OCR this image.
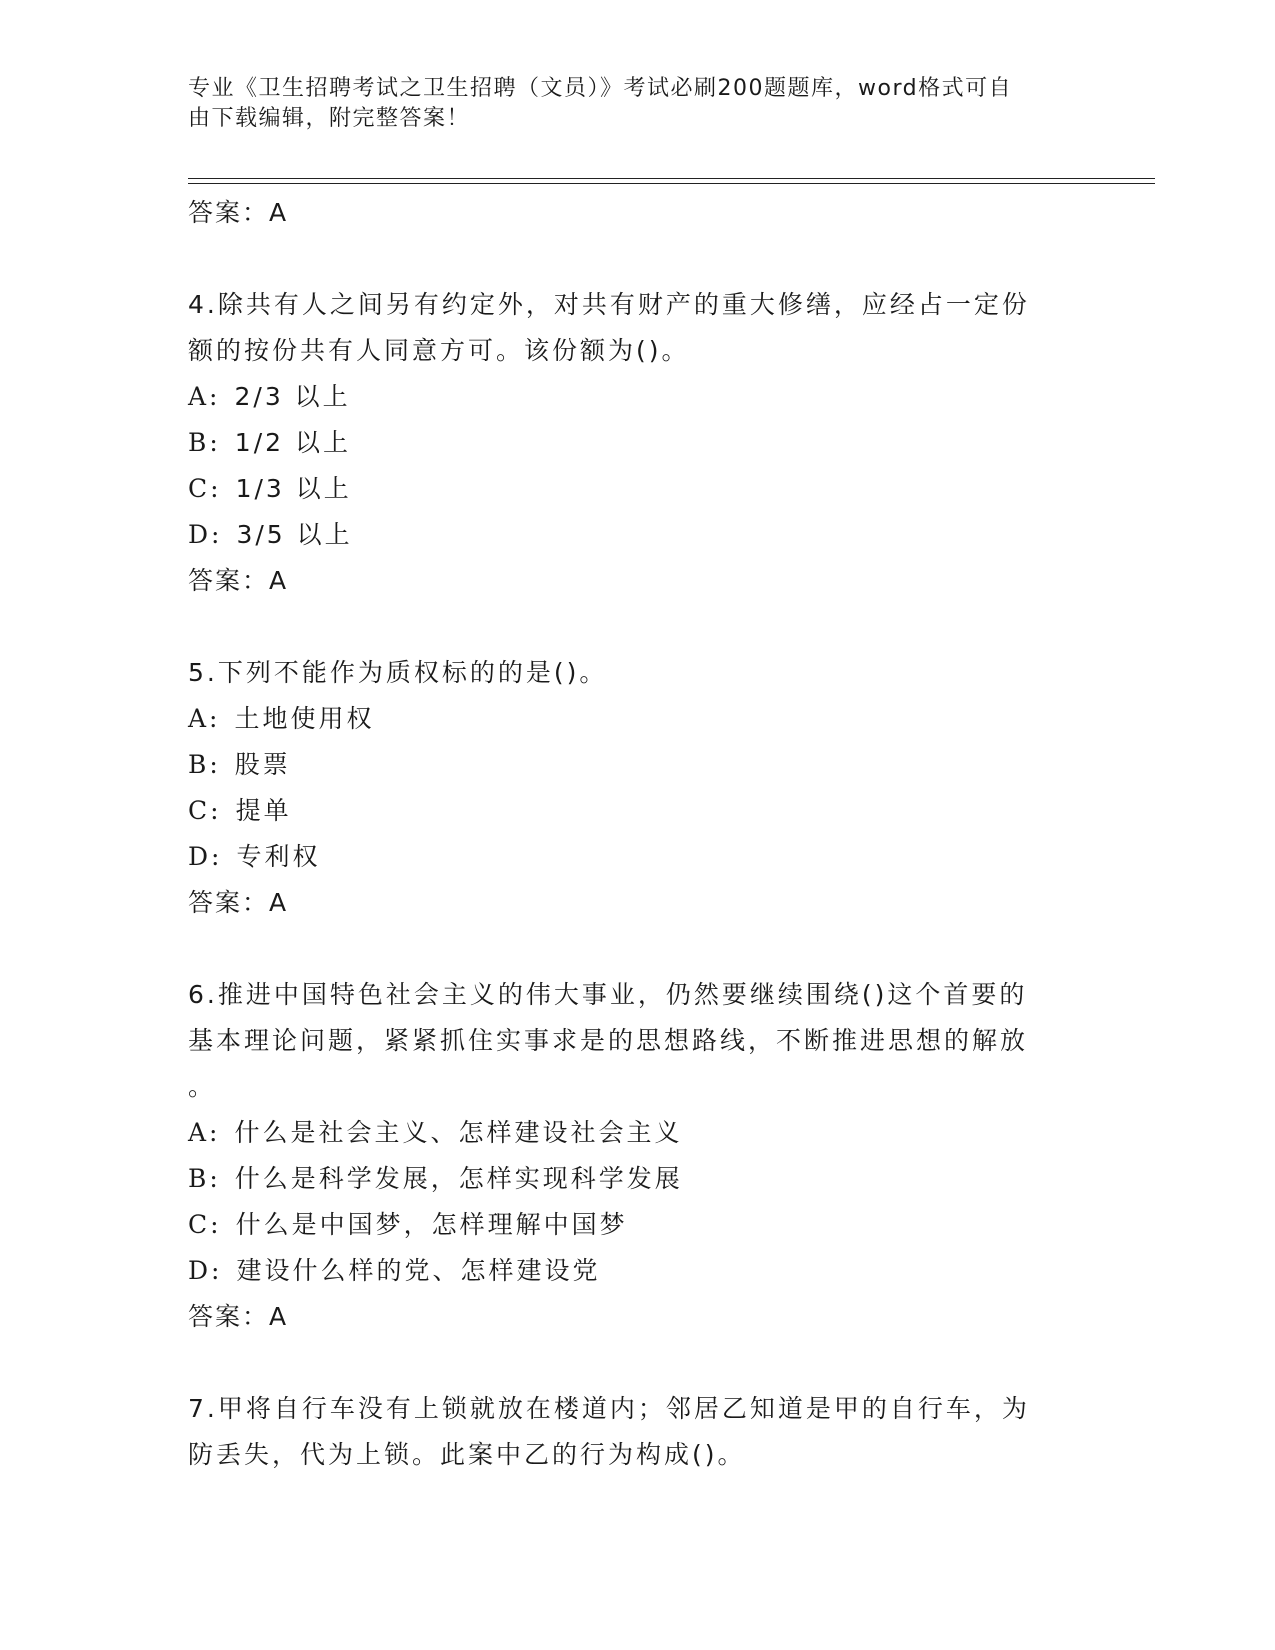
专业《卫生招聘考试之卫生招聘（文员）》考试必刷200题题库，word格式可自
由下载编辑，附完整答案！
答案：A
4.除共有人之间另有约定外，对共有财产的重大修缮，应经占一定份
额的按份共有人同意方可。该份额为()。
A: 2/3 以上
B: 1/2 以上
C: 1/3 以上
D: 3/5 以上
答案：A
5.下列不能作为质权标的的是()。
A: 土地使用权
B: 股票
C: 提单
D: 专利权
答案：A
6.推进中国特色社会主义的伟大事业，仍然要继续围绕()这个首要的
基本理论问题，紧紧抓住实事求是的思想路线，不断推进思想的解放
。
A: 什么是社会主义、怎样建设社会主义
B: 什么是科学发展，怎样实现科学发展
C: 什么是中国梦，怎样理解中国梦
D: 建设什么样的党、怎样建设党
答案：A
7.甲将自行车没有上锁就放在楼道内；邻居乙知道是甲的自行车，为
防丢失，代为上锁。此案中乙的行为构成()。
